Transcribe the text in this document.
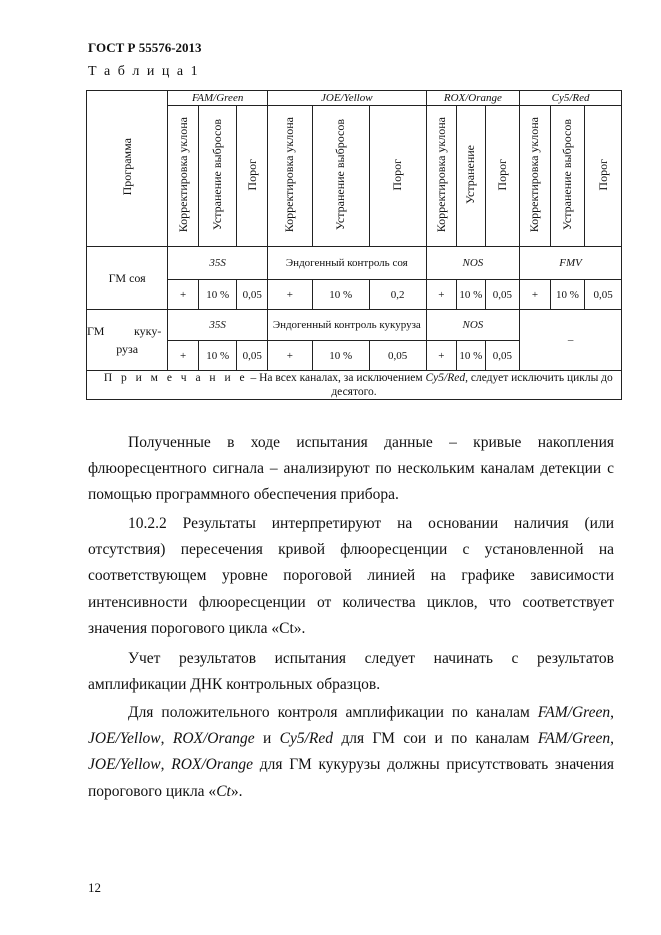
ГОСТ Р 55576-2013
Т а б л и ц а 1
Программа	FAM/Green			JOE/Yellow			ROX/Orange			Cy5/Red		
	Корректировка уклона	Устранение выбросов	Порог	Корректировка уклона	Устранение выбросов	Порог	Корректировка уклона	Устранение	Порог	Корректировка уклона	Устранение выбросов	Порог
ГМ соя	35S			Эндогенный контроль соя			NOS			FMV		
	+	10 %	0,05	+	10 %	0,2	+	10 %	0,05	+	10 %	0,05

ГМ куку-
руза	35S			Эндогенный контроль кукуруза			NOS			–		
	+	10 %	0,05	+	10 %	0,05	+	10 %	0,05			
П р и м е ч а н и е – На всех каналах, за исключением Cy5/Red, следует исключить циклы до десятого.												
Полученные в ходе испытания данные – кривые накопления флюоресцентного сигнала – анализируют по нескольким каналам детекции с помощью программного обеспечения прибора.
10.2.2 Результаты интерпретируют на основании наличия (или отсутствия) пересечения кривой флюоресценции с установленной на соответствующем уровне пороговой линией на графике зависимости интенсивности флюоресценции от количества циклов, что соответствует значения порогового цикла «Ct».
Учет результатов испытания следует начинать с результатов амплификации ДНК контрольных образцов.
Для положительного контроля амплификации по каналам FAM/Green, JOE/Yellow, ROX/Orange и Cy5/Red для ГМ сои и по каналам FAM/Green, JOE/Yellow, ROX/Orange для ГМ кукурузы должны присутствовать значения порогового цикла «Ct».
12
